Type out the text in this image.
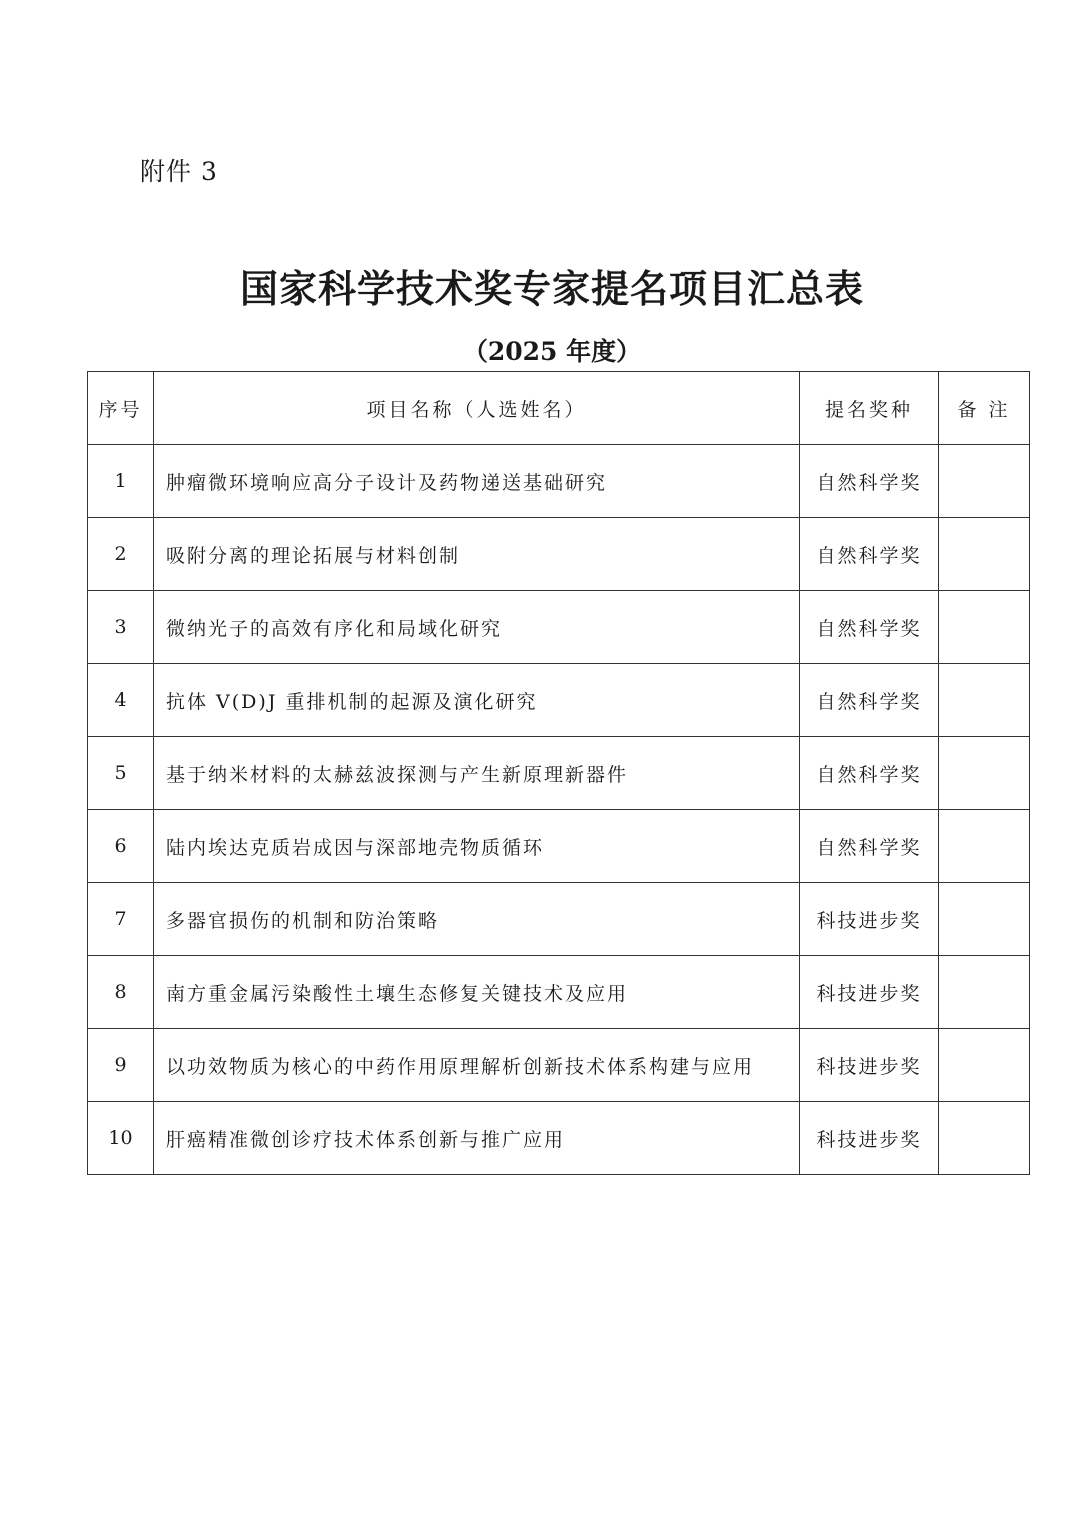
附件 3
国家科学技术奖专家提名项目汇总表
（2025 年度）
序号	项目名称（人选姓名）	提名奖种	备 注
1	肿瘤微环境响应高分子设计及药物递送基础研究	自然科学奖	
2	吸附分离的理论拓展与材料创制	自然科学奖	
3	微纳光子的高效有序化和局域化研究	自然科学奖	
4	抗体 V(D)J 重排机制的起源及演化研究	自然科学奖	
5	基于纳米材料的太赫兹波探测与产生新原理新器件	自然科学奖	
6	陆内埃达克质岩成因与深部地壳物质循环	自然科学奖	
7	多器官损伤的机制和防治策略	科技进步奖	
8	南方重金属污染酸性土壤生态修复关键技术及应用	科技进步奖	
9	以功效物质为核心的中药作用原理解析创新技术体系构建与应用	科技进步奖	
10	肝癌精准微创诊疗技术体系创新与推广应用	科技进步奖	
